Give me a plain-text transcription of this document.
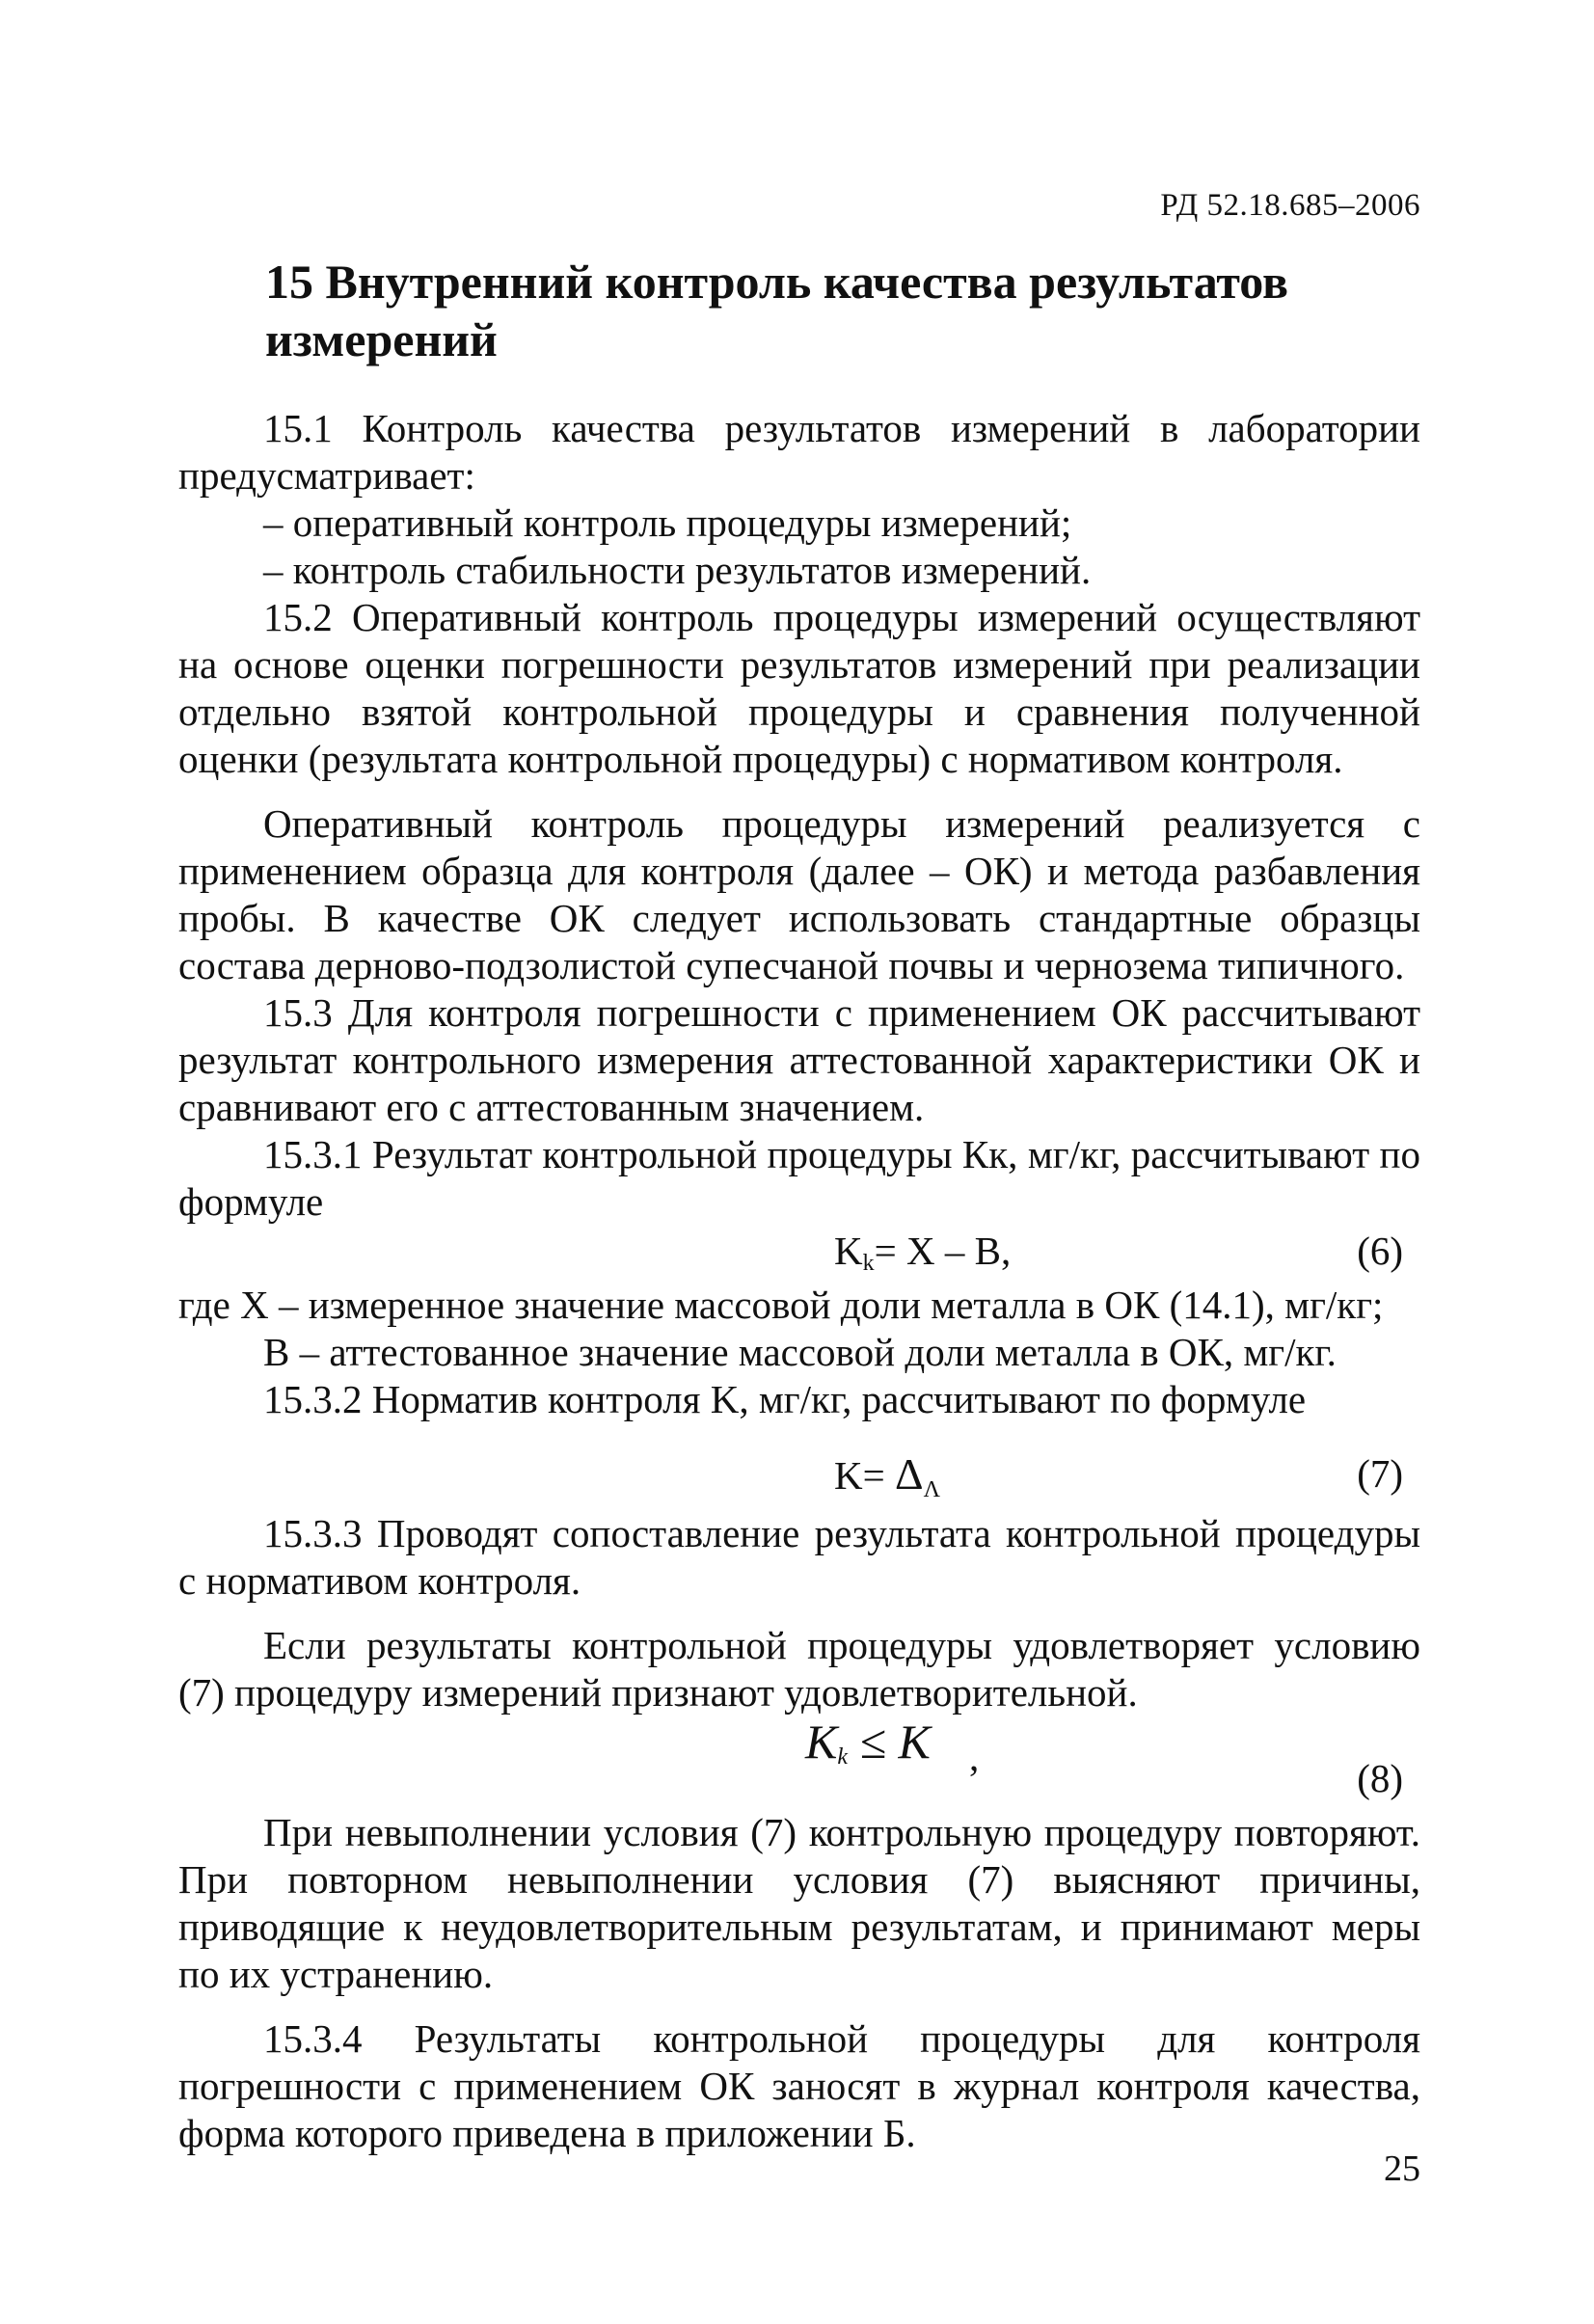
РД 52.18.685–2006
15 Внутренний контроль качества результатов измерений

15.1 Контроль качества результатов измерений в лаборатории предусматривает:

– оперативный контроль процедуры измерений;

– контроль стабильности результатов измерений.

15.2 Оперативный контроль процедуры измерений осуществляют на основе оценки погрешности результатов измерений при реализации отдельно взятой контрольной процедуры и сравнения полученной оценки (результата контрольной процедуры) с нормативом контроля.

Оперативный контроль процедуры измерений реализуется с применением образца для контроля (далее – ОК) и метода разбавления пробы. В качестве ОК следует использовать стандартные образцы состава дерново-подзолистой супесчаной почвы и чернозема типичного.

15.3 Для контроля погрешности с применением ОК рассчитывают результат контрольного измерения аттестованной характеристики ОК и сравнивают его с аттестованным значением.

15.3.1 Результат контрольной процедуры Кк, мг/кг, рассчитывают по формуле

$K_k= X - B$,	(6)

где X – измеренное значение массовой доли металла в ОК (14.1), мг/кг;

B – аттестованное значение массовой доли металла в ОК, мг/кг.

15.3.2 Норматив контроля K, мг/кг, рассчитывают по формуле

K= ΔΛ	(7)

15.3.3 Проводят сопоставление результата контрольной процедуры с нормативом контроля.

Если результаты контрольной процедуры удовлетворяет условию (7) процедуру измерений признают удовлетворительной.

$K_k \le K$ ,	(8)

При невыполнении условия (7) контрольную процедуру повторяют. При повторном невыполнении условия (7) выясняют причины, приводящие к неудовлетворительным результатам, и принимают меры по их устранению.

15.3.4 Результаты контрольной процедуры для контроля погрешности с применением ОК заносят в журнал контроля качества, форма которого приведена в приложении Б.

25
